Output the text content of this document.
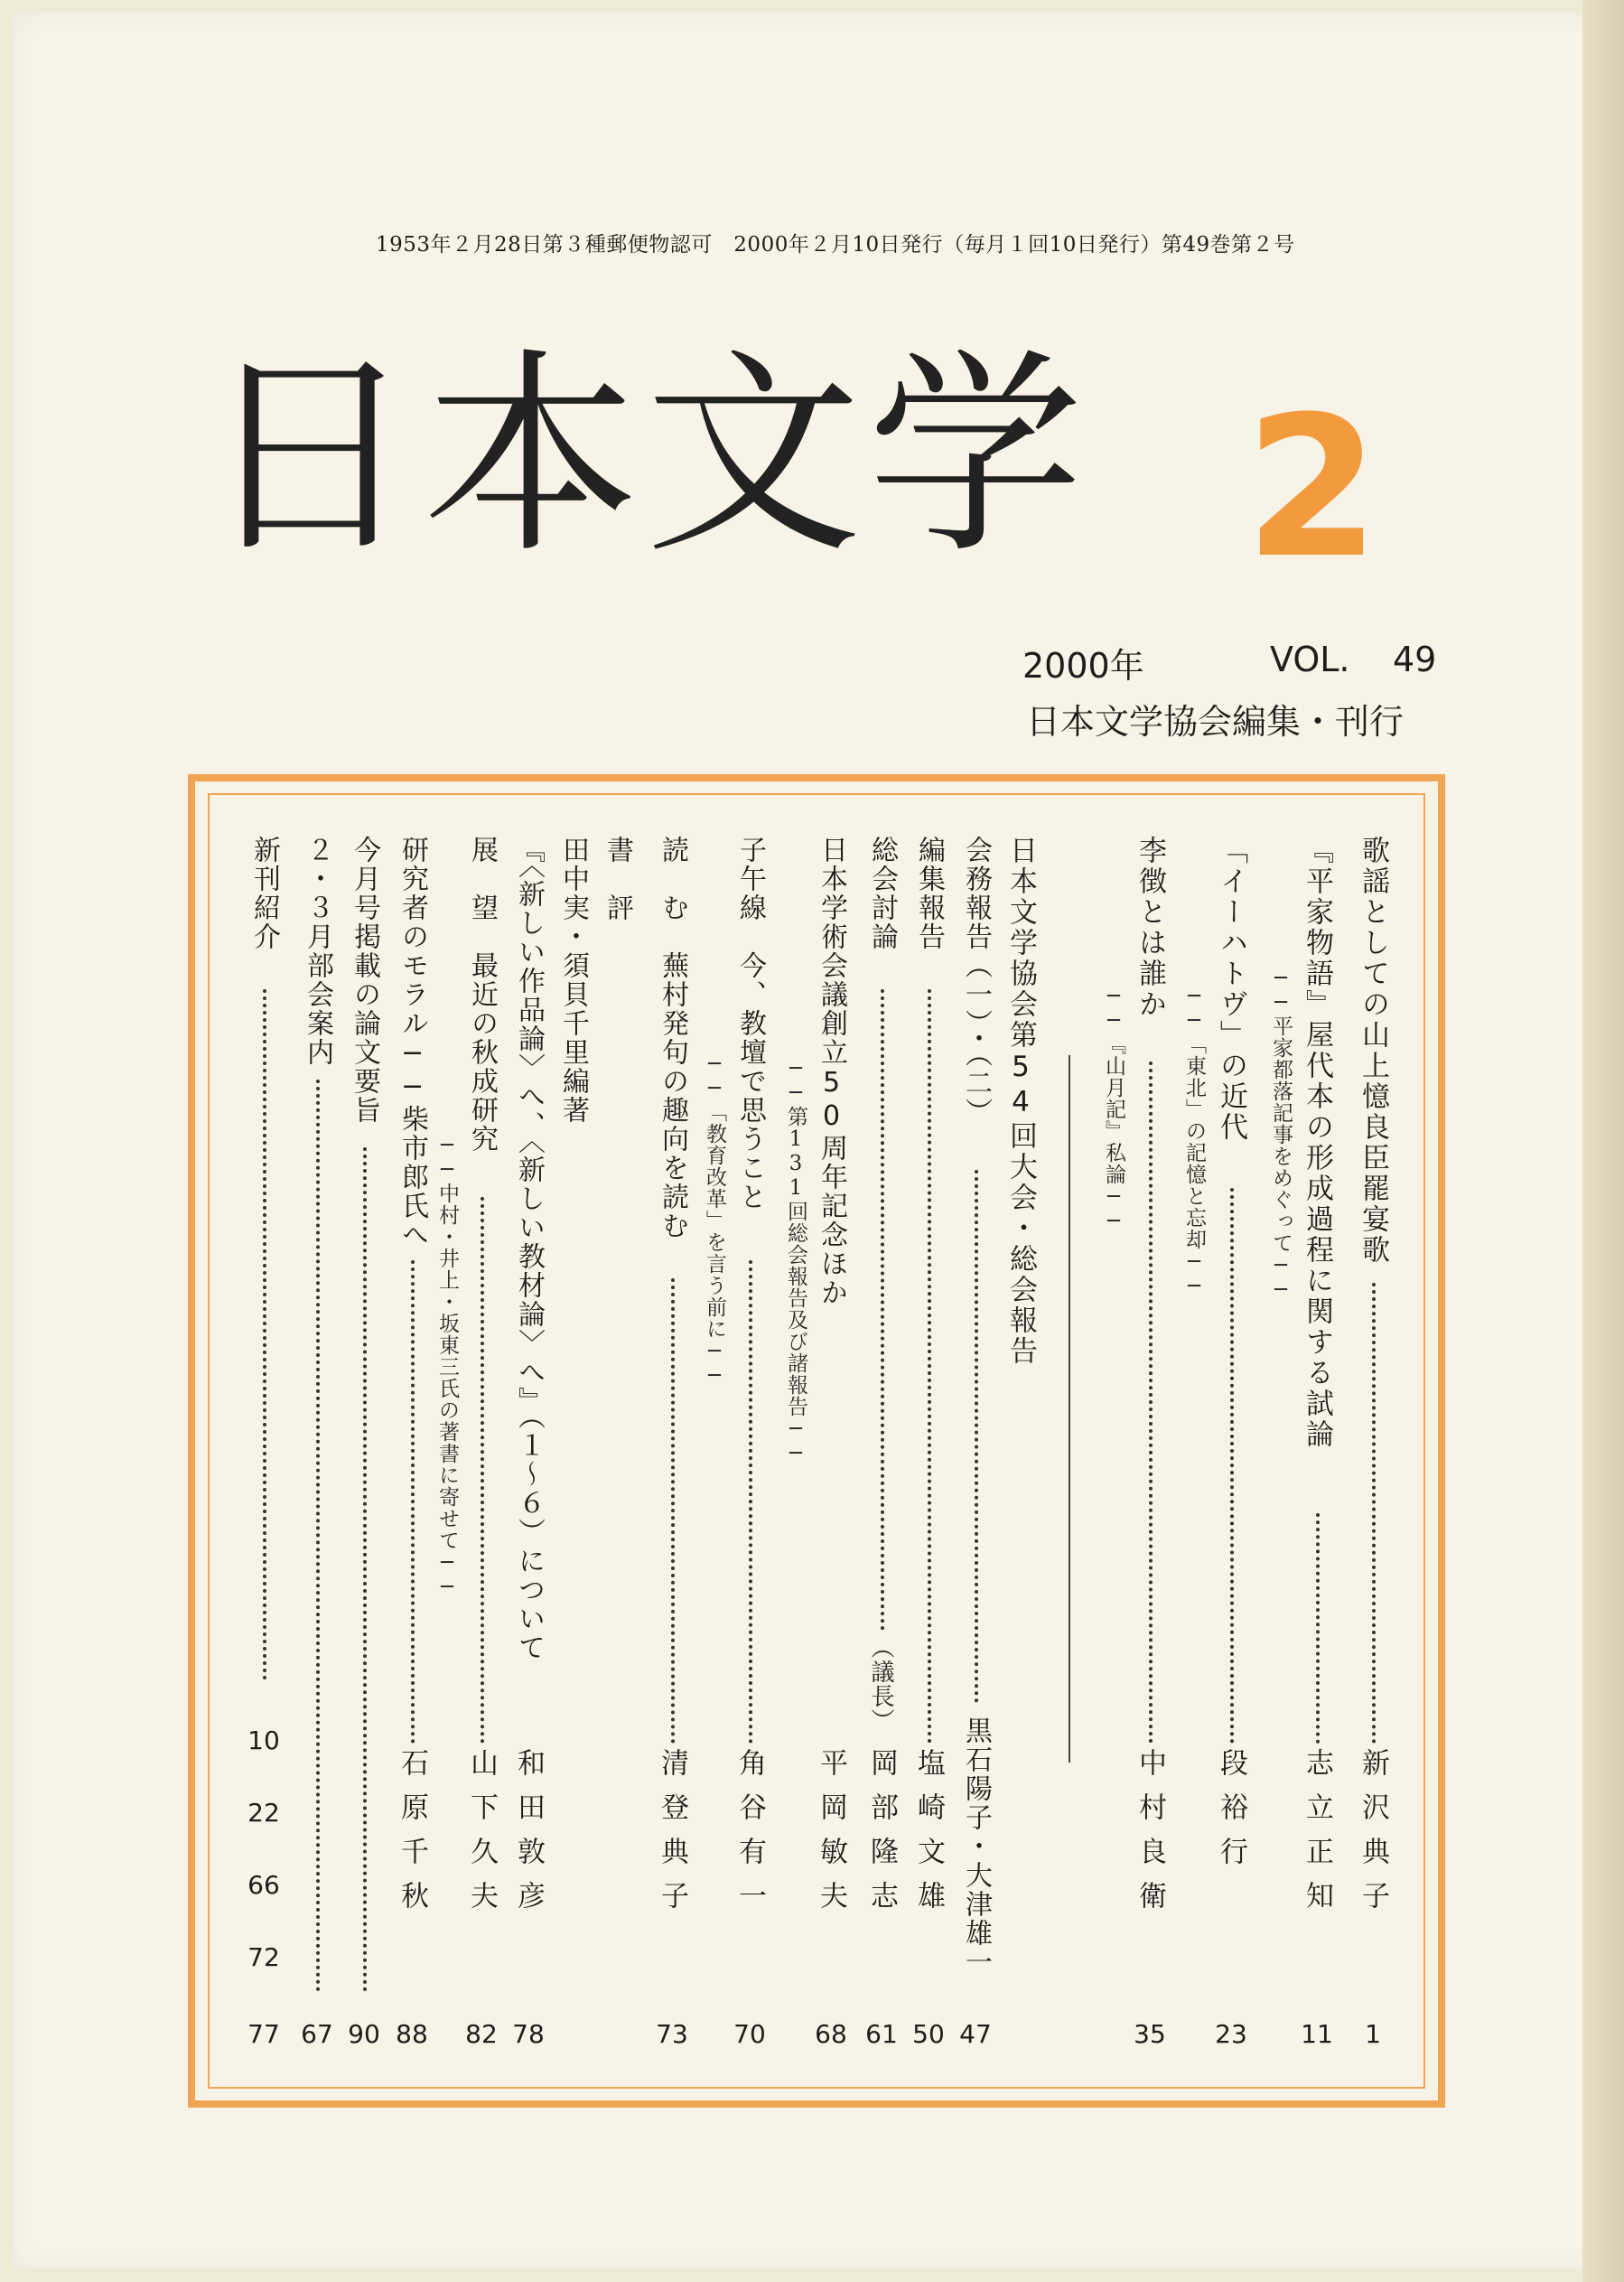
1953年２月28日第３種郵便物認可　2000年２月10日発行（毎月１回10日発行）第49巻第２号
日本文学 2
2000年	VOL. 49
日本文学協会編集・刊行
歌謡としての山上憶良臣罷宴歌
新沢典子
1
『平家物語』屋代本の形成過程に関する試論
志立正知
11
──平家都落記事をめぐって──
「イーハトヴ」の近代
段裕行
23
──「東北」の記憶と忘却──
李徴とは誰か
中村良衛
35
──『山月記』私論──
日本文学協会第54回大会・総会報告
会務報告（一）・（二）
黒石陽子・大津雄一
47
編集報告
塩崎文雄
50
総会討論
（議長）
岡部隆志
61
日本学術会議創立50周年記念ほか
平岡敏夫
68
──第131回総会報告及び諸報告──
子午線　今、教壇で思うこと
角谷有一
70
──「教育改革」を言う前に──
読　む　蕪村発句の趣向を読む
清登典子
73
書　評
田中実・須貝千里編著
『〈新しい作品論〉へ、〈新しい教材論〉へ』（１〜６）について
和田敦彦
78
展　望　最近の秋成研究
山下久夫
82
──中村・井上・坂東三氏の著書に寄せて──
研究者のモラル──柴市郎氏へ
石原千秋
88
今月号掲載の論文要旨
90
２・３月部会案内
67
新刊紹介
10
22
66
72
77
